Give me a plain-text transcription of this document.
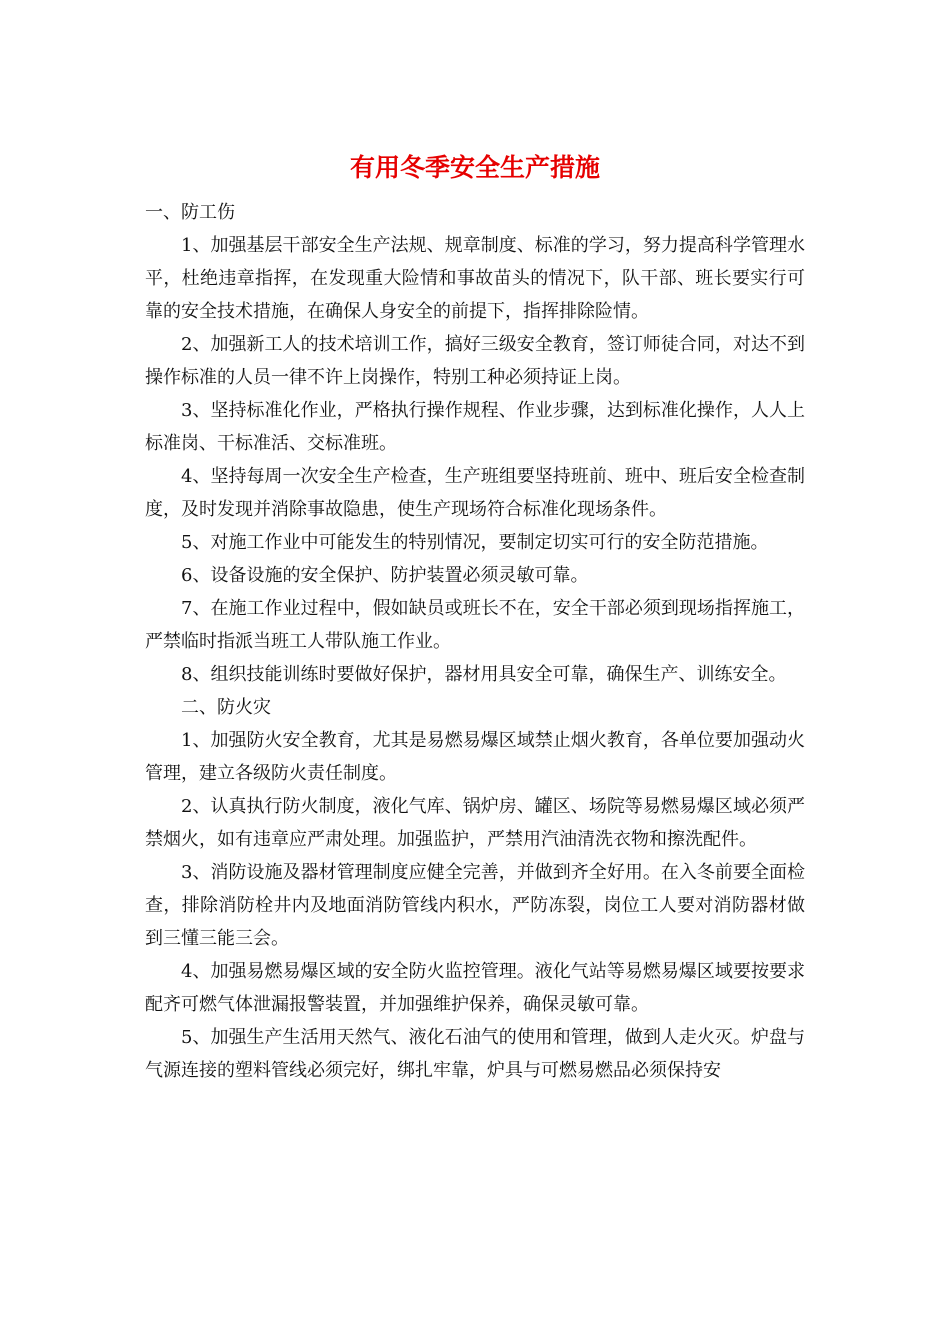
有用冬季安全生产措施

一、防工伤

1、加强基层干部安全生产法规、规章制度、标准的学习，努力提高科学管理水平，杜绝违章指挥，在发现重大险情和事故苗头的情况下，队干部、班长要实行可靠的安全技术措施，在确保人身安全的前提下，指挥排除险情。

2、加强新工人的技术培训工作，搞好三级安全教育，签订师徒合同，对达不到操作标准的人员一律不许上岗操作，特别工种必须持证上岗。

3、坚持标准化作业，严格执行操作规程、作业步骤，达到标准化操作，人人上标准岗、干标准活、交标准班。

4、坚持每周一次安全生产检查，生产班组要坚持班前、班中、班后安全检查制度，及时发现并消除事故隐患，使生产现场符合标准化现场条件。

5、对施工作业中可能发生的特别情况，要制定切实可行的安全防范措施。

6、设备设施的安全保护、防护装置必须灵敏可靠。

7、在施工作业过程中，假如缺员或班长不在，安全干部必须到现场指挥施工，严禁临时指派当班工人带队施工作业。

8、组织技能训练时要做好保护，器材用具安全可靠，确保生产、训练安全。

二、防火灾

1、加强防火安全教育，尤其是易燃易爆区域禁止烟火教育，各单位要加强动火管理，建立各级防火责任制度。

2、认真执行防火制度，液化气库、锅炉房、罐区、场院等易燃易爆区域必须严禁烟火，如有违章应严肃处理。加强监护，严禁用汽油清洗衣物和擦洗配件。

3、消防设施及器材管理制度应健全完善，并做到齐全好用。在入冬前要全面检查，排除消防栓井内及地面消防管线内积水，严防冻裂，岗位工人要对消防器材做到三懂三能三会。

4、加强易燃易爆区域的安全防火监控管理。液化气站等易燃易爆区域要按要求配齐可燃气体泄漏报警装置，并加强维护保养，确保灵敏可靠。

5、加强生产生活用天然气、液化石油气的使用和管理，做到人走火灭。炉盘与气源连接的塑料管线必须完好，绑扎牢靠，炉具与可燃易燃品必须保持安
